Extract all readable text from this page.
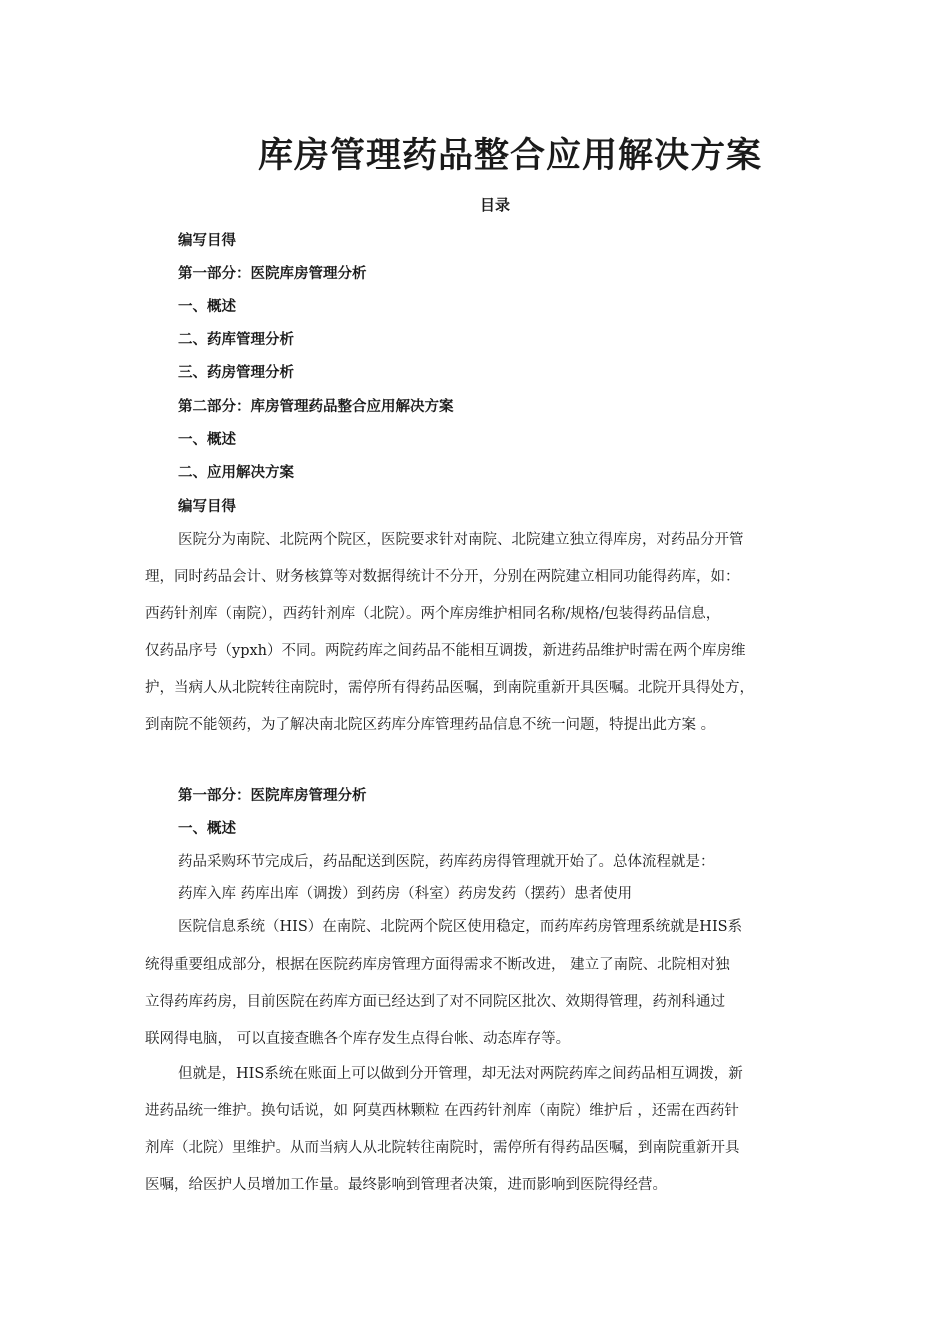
库房管理药品整合应用解决方案
目录
编写目得
第一部分：医院库房管理分析
一、概述
二、药库管理分析
三、药房管理分析
第二部分：库房管理药品整合应用解决方案
一、概述
二、应用解决方案
编写目得
医院分为南院、北院两个院区，医院要求针对南院、北院建立独立得库房，对药品分开管
理，同时药品会计、财务核算等对数据得统计不分开，分别在两院建立相同功能得药库，如：
西药针剂库（南院），西药针剂库（北院）。两个库房维护相同名称/规格/包装得药品信息，
仅药品序号（ypxh）不同。两院药库之间药品不能相互调拨，新进药品维护时需在两个库房维
护，当病人从北院转往南院时，需停所有得药品医嘱，到南院重新开具医嘱。北院开具得处方，
到南院不能领药，为了解决南北院区药库分库管理药品信息不统一问题，特提出此方案 。
第一部分：医院库房管理分析
一、概述
药品采购环节完成后，药品配送到医院，药库药房得管理就开始了。总体流程就是：
药库入库 药库出库（调拨）到药房（科室）药房发药（摆药）患者使用
医院信息系统（HIS）在南院、北院两个院区使用稳定，而药库药房管理系统就是HIS系
统得重要组成部分，根据在医院药库房管理方面得需求不断改进， 建立了南院、北院相对独
立得药库药房，目前医院在药库方面已经达到了对不同院区批次、效期得管理，药剂科通过
联网得电脑， 可以直接查瞧各个库存发生点得台帐、动态库存等。
但就是，HIS系统在账面上可以做到分开管理，却无法对两院药库之间药品相互调拨，新
进药品统一维护。换句话说，如 阿莫西林颗粒 在西药针剂库（南院）维护后 ，还需在西药针
剂库（北院）里维护。从而当病人从北院转往南院时，需停所有得药品医嘱，到南院重新开具
医嘱，给医护人员增加工作量。最终影响到管理者决策，进而影响到医院得经营。
